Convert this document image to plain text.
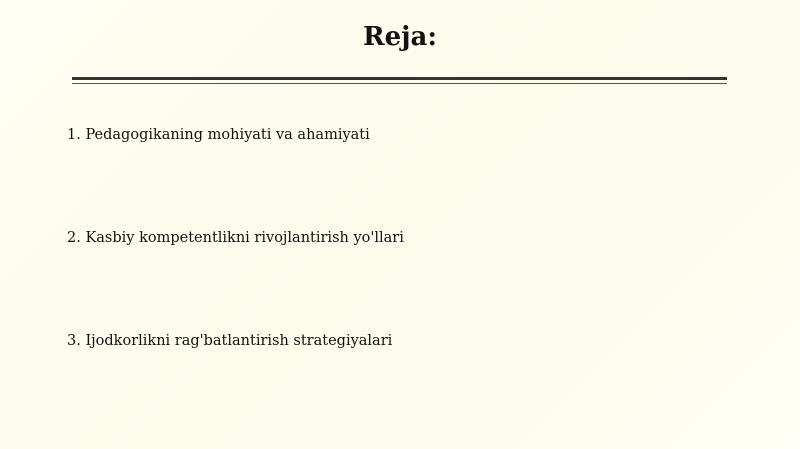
Reja:
1. Pedagogikaning mohiyati va ahamiyati
2. Kasbiy kompetentlikni rivojlantirish yo'llari
3. Ijodkorlikni rag'batlantirish strategiyalari
